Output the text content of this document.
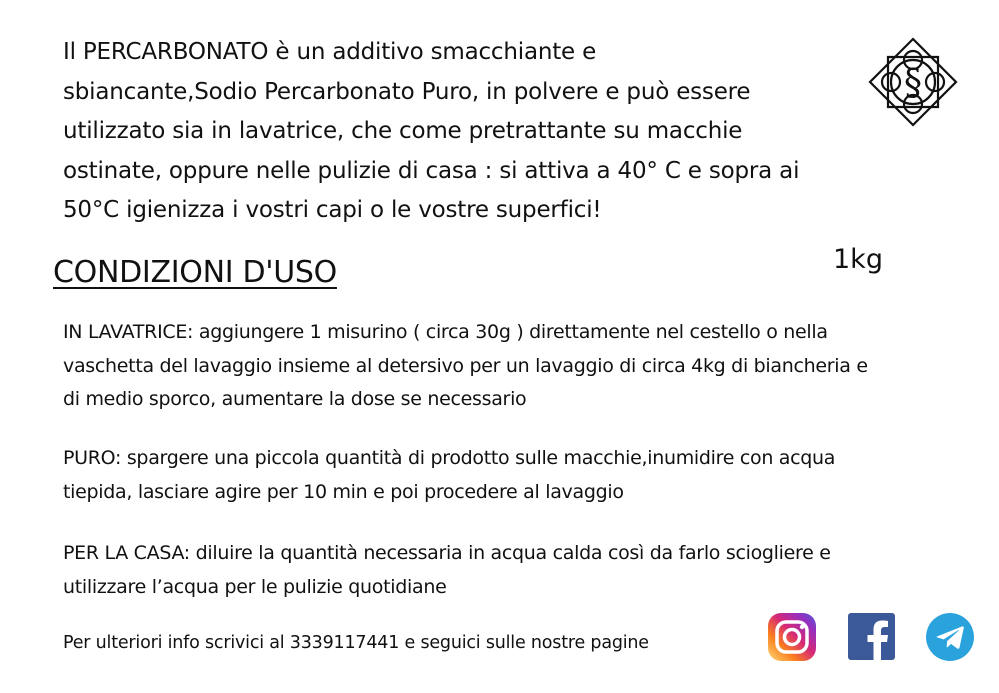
Il PERCARBONATO è un additivo smacchiante e
sbiancante,Sodio Percarbonato Puro, in polvere e può essere
utilizzato sia in lavatrice, che come pretrattante su macchie
ostinate, oppure nelle pulizie di casa : si attiva a 40° C e sopra ai
50°C igienizza i vostri capi o le vostre superfici!
§
CONDIZIONI D'USO	1kg
IN LAVATRICE: aggiungere 1 misurino ( circa 30g ) direttamente nel cestello o nella
vaschetta del lavaggio insieme al detersivo per un lavaggio di circa 4kg di biancheria e
di medio sporco, aumentare la dose se necessario
PURO: spargere una piccola quantità di prodotto sulle macchie,inumidire con acqua
tiepida, lasciare agire per 10 min e poi procedere al lavaggio
PER LA CASA: diluire la quantità necessaria in acqua calda così da farlo sciogliere e
utilizzare l’acqua per le pulizie quotidiane
Per ulteriori info scrivici al 3339117441 e seguici sulle nostre pagine
